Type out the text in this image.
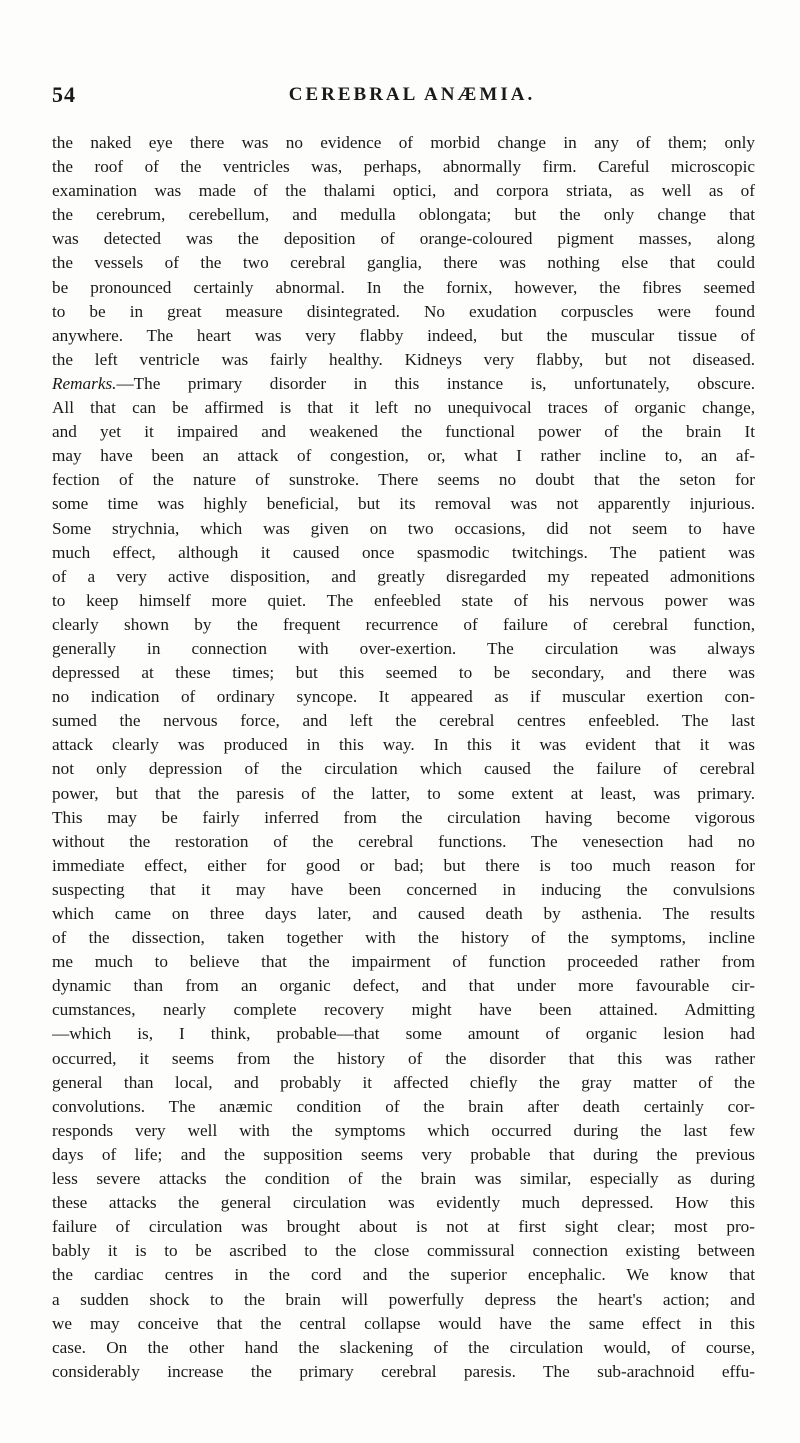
54	CEREBRAL ANÆMIA.
the naked eye there was no evidence of morbid change in any of them; only
the roof of the ventricles was, perhaps, abnormally firm. Careful microscopic
examination was made of the thalami optici, and corpora striata, as well as of
the cerebrum, cerebellum, and medulla oblongata; but the only change that
was detected was the deposition of orange-coloured pigment masses, along
the vessels of the two cerebral ganglia, there was nothing else that could
be pronounced certainly abnormal. In the fornix, however, the fibres seemed
to be in great measure disintegrated. No exudation corpuscles were found
anywhere. The heart was very flabby indeed, but the muscular tissue of
the left ventricle was fairly healthy. Kidneys very flabby, but not diseased.
Remarks.—The primary disorder in this instance is, unfortunately, obscure.
All that can be affirmed is that it left no unequivocal traces of organic change,
and yet it impaired and weakened the functional power of the brain It
may have been an attack of congestion, or, what I rather incline to, an af-
fection of the nature of sunstroke. There seems no doubt that the seton for
some time was highly beneficial, but its removal was not apparently injurious.
Some strychnia, which was given on two occasions, did not seem to have
much effect, although it caused once spasmodic twitchings. The patient was
of a very active disposition, and greatly disregarded my repeated admonitions
to keep himself more quiet. The enfeebled state of his nervous power was
clearly shown by the frequent recurrence of failure of cerebral function,
generally in connection with over-exertion. The circulation was always
depressed at these times; but this seemed to be secondary, and there was
no indication of ordinary syncope. It appeared as if muscular exertion con-
sumed the nervous force, and left the cerebral centres enfeebled. The last
attack clearly was produced in this way. In this it was evident that it was
not only depression of the circulation which caused the failure of cerebral
power, but that the paresis of the latter, to some extent at least, was primary.
This may be fairly inferred from the circulation having become vigorous
without the restoration of the cerebral functions. The venesection had no
immediate effect, either for good or bad; but there is too much reason for
suspecting that it may have been concerned in inducing the convulsions
which came on three days later, and caused death by asthenia. The results
of the dissection, taken together with the history of the symptoms, incline
me much to believe that the impairment of function proceeded rather from
dynamic than from an organic defect, and that under more favourable cir-
cumstances, nearly complete recovery might have been attained. Admitting
—which is, I think, probable—that some amount of organic lesion had
occurred, it seems from the history of the disorder that this was rather
general than local, and probably it affected chiefly the gray matter of the
convolutions. The anæmic condition of the brain after death certainly cor-
responds very well with the symptoms which occurred during the last few
days of life; and the supposition seems very probable that during the previous
less severe attacks the condition of the brain was similar, especially as during
these attacks the general circulation was evidently much depressed. How this
failure of circulation was brought about is not at first sight clear; most pro-
bably it is to be ascribed to the close commissural connection existing between
the cardiac centres in the cord and the superior encephalic. We know that
a sudden shock to the brain will powerfully depress the heart's action; and
we may conceive that the central collapse would have the same effect in this
case. On the other hand the slackening of the circulation would, of course,
considerably increase the primary cerebral paresis. The sub-arachnoid effu-
